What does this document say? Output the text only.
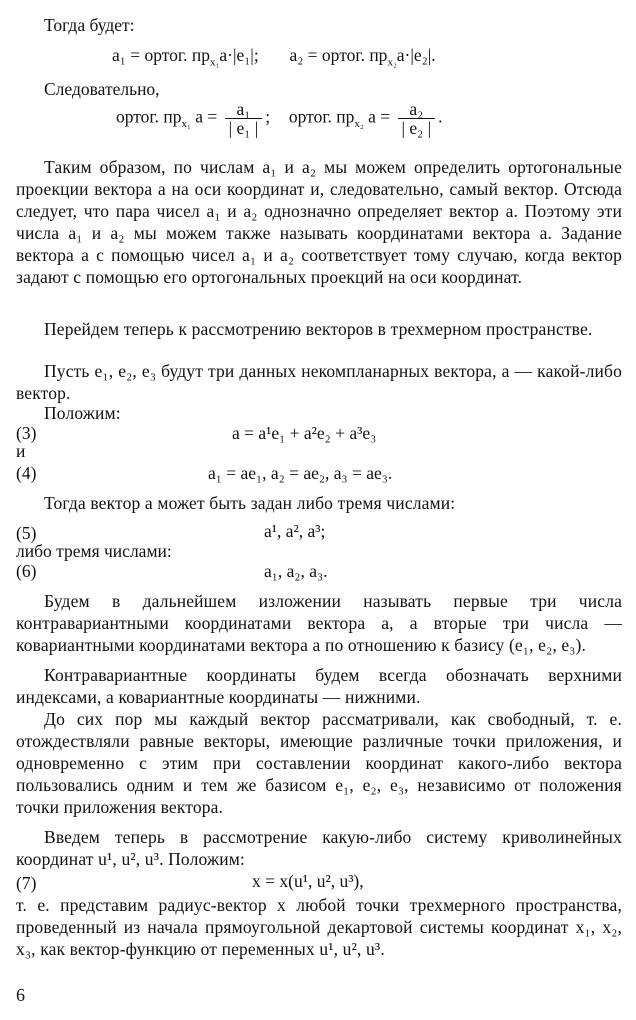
Тогда будет:
a₁ = ортог. $пр_{x_1}a\cdot|e_1|$; a₂ = ортог. $пр_{x_2}a\cdot|e_2|$.
Следовательно,
ортог. $пр_{x_1}$ $a = \frac{\text{a₁}}{\text{| e₁ |}}$ ;  ортог. $пр_{x_2}$ $a = \frac{\text{a₂}}{\text{| e₂ |}}$ .
Таким образом, по числам a₁ и a₂ мы можем определить ортогональные проекции вектора a на оси координат и, следовательно, самый вектор. Отсюда следует, что пара чисел a₁ и a₂ однозначно определяет вектор a. Поэтому эти числа a₁ и a₂ мы можем также называть координатами вектора a. Задание вектора a с помощью чисел a₁ и a₂ соответствует тому случаю, когда вектор задают с помощью его ортогональных проекций на оси координат.
Перейдем теперь к рассмотрению векторов в трехмерном пространстве.
Пусть e₁, e₂, e₃ будут три данных некомпланарных вектора, a — какой-либо вектор.
Положим:
(3)	a = a¹e₁ + a²e₂ + a³e₃
и
(4)	a₁ = ae₁, a₂ = ae₂, a₃ = ae₃.
Тогда вектор a может быть задан либо тремя числами:
(5)	a¹, a², a³;
либо тремя числами:
(6)	a₁, a₂, a₃.
Будем в дальнейшем изложении называть первые три числа контравариантными координатами вектора a, а вторые три числа — ковариантными координатами вектора a по отношению к базису (e₁, e₂, e₃).
Контравариантные координаты будем всегда обозначать верхними индексами, а ковариантные координаты — нижними.
До сих пор мы каждый вектор рассматривали, как свободный, т. е. отождествляли равные векторы, имеющие различные точки приложения, и одновременно с этим при составлении координат какого-либо вектора пользовались одним и тем же базисом e₁, e₂, e₃, независимо от положения точки приложения вектора.
Введем теперь в рассмотрение какую-либо систему криволинейных координат u¹, u², u³. Положим:
(7)	x = x(u¹, u², u³),
т. е. представим радиус-вектор x любой точки трехмерного пространства, проведенный из начала прямоугольной декартовой системы координат x₁, x₂, x₃, как вектор-функцию от переменных u¹, u², u³.
6
